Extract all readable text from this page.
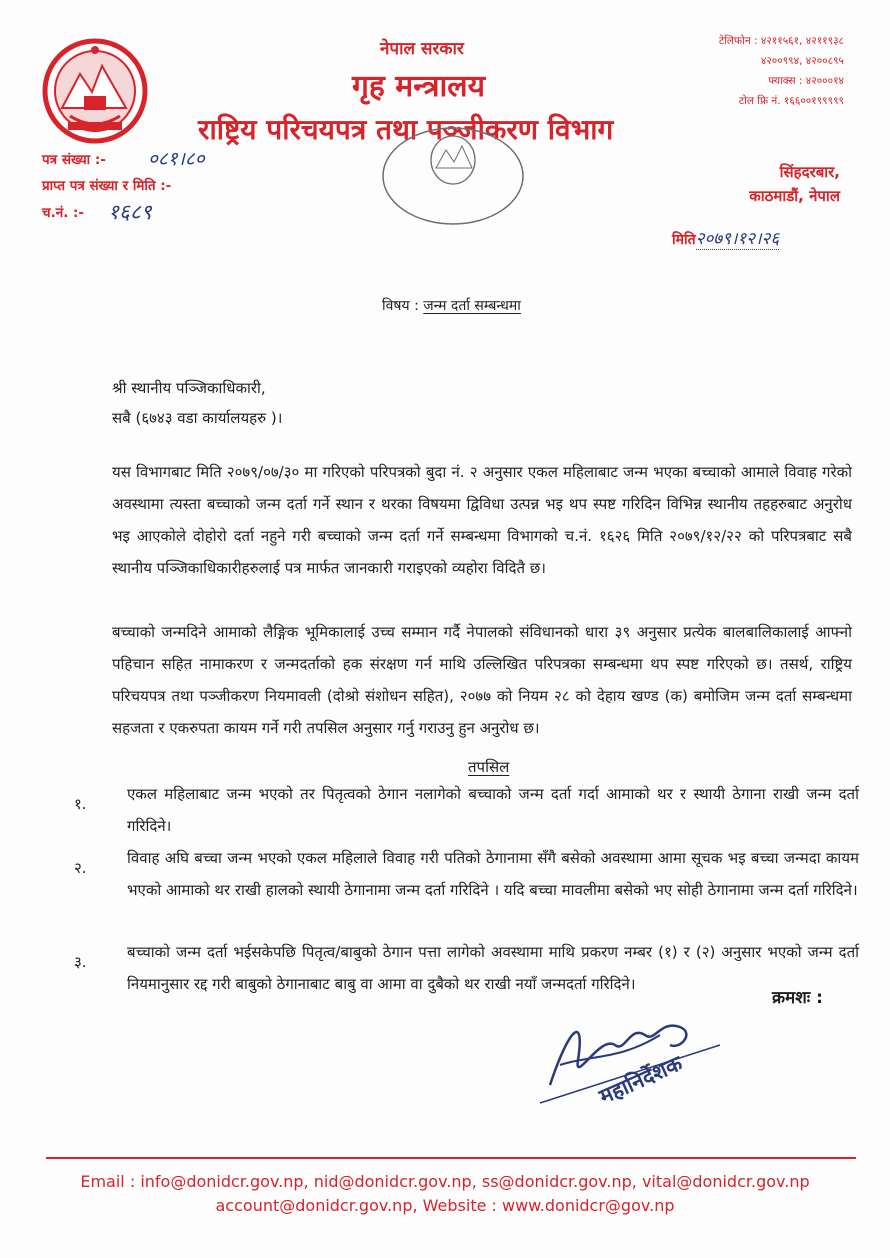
नेपाल सरकार
गृह मन्त्रालय
राष्ट्रिय परिचयपत्र तथा पञ्जीकरण विभाग
टेलिफोन : ४२११५६१, ४२११९३८
४२००९९४, ४२००८९५
फ्याक्स : ४२०००१४
टोल फ्रि नं. १६६००१९९९९९
सिंहदरबार,
काठमाडौं, नेपाल
मिति२०७९।१२।२६
पत्र संख्या :- ०८१।८०
प्राप्त पत्र संख्या र मिति :-
च.नं. :- १६८९
विषय : जन्म दर्ता सम्बन्धमा
श्री स्थानीय पञ्जिकाधिकारी,
सबै (६७४३ वडा कार्यालयहरु )।
यस विभागबाट मिति २०७९/०७/३० मा गरिएको परिपत्रको बुदा नं. २ अनुसार एकल महिलाबाट जन्म भएका बच्चाको आमाले विवाह गरेको अवस्थामा त्यस्ता बच्चाको जन्म दर्ता गर्ने स्थान र थरका विषयमा द्विविधा उत्पन्न भइ थप स्पष्ट गरिदिन विभिन्न स्थानीय तहहरुबाट अनुरोध भइ आएकोले दोहोरो दर्ता नहुने गरी बच्चाको जन्म दर्ता गर्ने सम्बन्धमा विभागको च.नं. १६२६ मिति २०७९/१२/२२ को परिपत्रबाट सबै स्थानीय पञ्जिकाधिकारीहरुलाई पत्र मार्फत जानकारी गराइएको व्यहोरा विदितै छ।
बच्चाको जन्मदिने आमाको लैङ्गिक भूमिकालाई उच्च सम्मान गर्दै नेपालको संविधानको धारा ३९ अनुसार प्रत्येक बालबालिकालाई आफ्नो पहिचान सहित नामाकरण र जन्मदर्ताको हक संरक्षण गर्न माथि उल्लिखित परिपत्रका सम्बन्धमा थप स्पष्ट गरिएको छ। तसर्थ, राष्ट्रिय परिचयपत्र तथा पञ्जीकरण नियमावली (दोश्रो संशोधन सहित), २०७७ को नियम २८ को देहाय खण्ड (क) बमोजिम जन्म दर्ता सम्बन्धमा सहजता र एकरुपता कायम गर्ने गरी तपसिल अनुसार गर्नु गराउनु हुन अनुरोध छ।
तपसिल
१.
एकल महिलाबाट जन्म भएको तर पितृत्वको ठेगान नलागेको बच्चाको जन्म दर्ता गर्दा आमाको थर र स्थायी ठेगाना राखी जन्म दर्ता गरिदिने।
२.
विवाह अघि बच्चा जन्म भएको एकल महिलाले विवाह गरी पतिको ठेगानामा सँगै बसेको अवस्थामा आमा सूचक भइ बच्चा जन्मदा कायम भएको आमाको थर राखी हालको स्थायी ठेगानामा जन्म दर्ता गरिदिने । यदि बच्चा मावलीमा बसेको भए सोही ठेगानामा जन्म दर्ता गरिदिने।
३.
बच्चाको जन्म दर्ता भईसकेपछि पितृत्व/बाबुको ठेगान पत्ता लागेको अवस्थामा माथि प्रकरण नम्बर (१) र (२) अनुसार भएको जन्म दर्ता नियमानुसार रद्द गरी बाबुको ठेगानाबाट बाबु वा आमा वा दुबैको थर राखी नयाँ जन्मदर्ता गरिदिने।
क्रमशः :
महानिर्देशक
Email : info@donidcr.gov.np, nid@donidcr.gov.np, ss@donidcr.gov.np, vital@donidcr.gov.np
account@donidcr.gov.np, Website : www.donidcr@gov.np
